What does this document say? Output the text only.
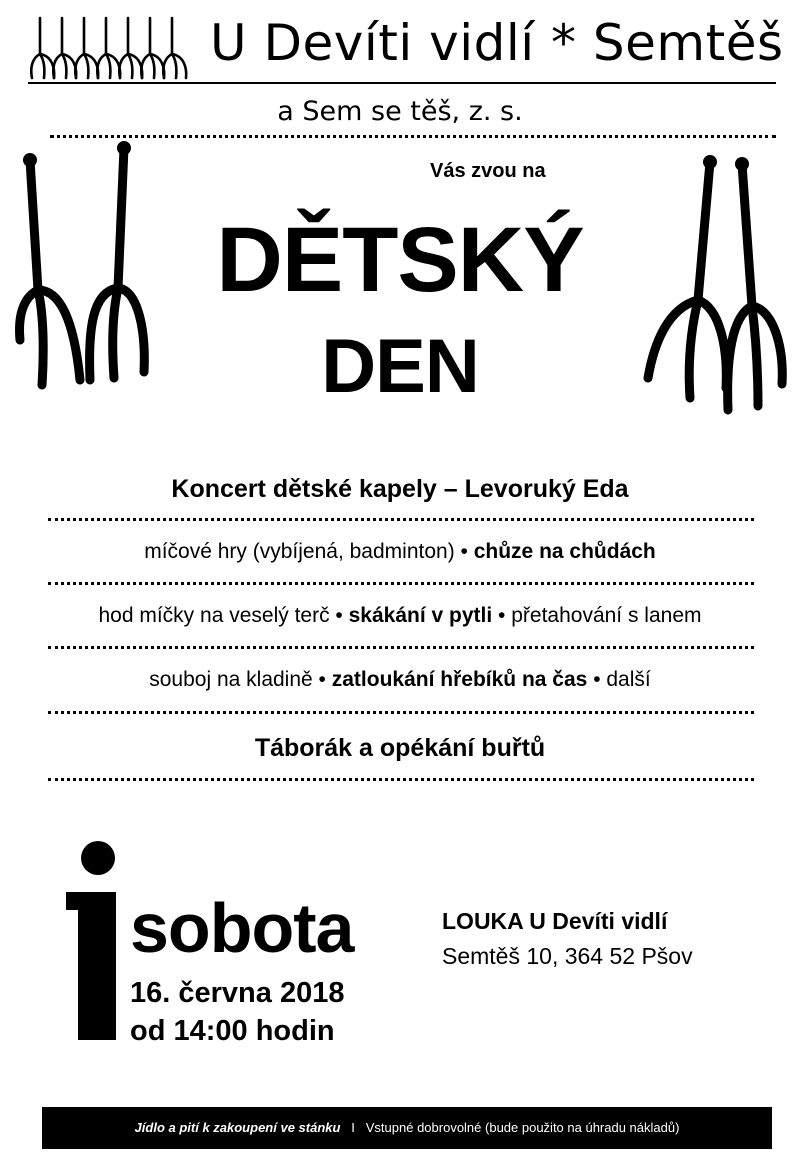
U Devíti vidlí * Semtěš
a Sem se těš, z. s.
Vás zvou na
DĚTSKÝ
DEN
Koncert dětské kapely – Levoruký Eda
míčové hry (vybíjená, badminton) • chůze na chůdách
hod míčky na veselý terč • skákání v pytli • přetahování s lanem
souboj na kladině • zatloukání hřebíků na čas • další
Táborák a opékání buřtů
sobota
16. června 2018
od 14:00 hodin
LOUKA U Devíti vidlí
Semtěš 10, 364 52 Pšov
Jídlo a pití k zakoupení ve stánku I Vstupné dobrovolné (bude použito na úhradu nákladů)
